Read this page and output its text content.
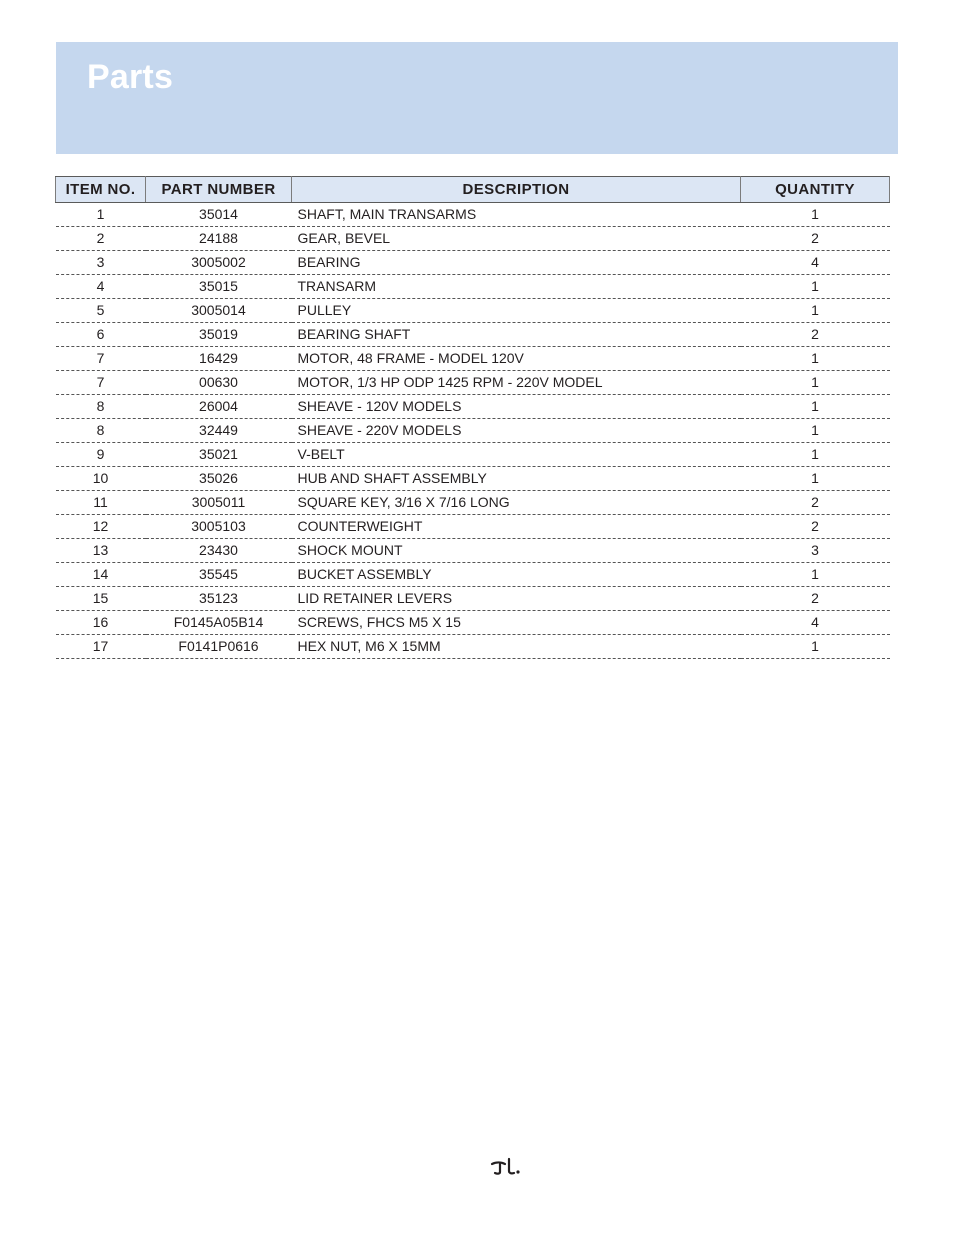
Parts
ITEM NO.	PART NUMBER	DESCRIPTION	QUANTITY
1	35014	SHAFT, MAIN TRANSARMS	1
2	24188	GEAR, BEVEL	2
3	3005002	BEARING	4
4	35015	TRANSARM	1
5	3005014	PULLEY	1
6	35019	BEARING SHAFT	2
7	16429	MOTOR, 48 FRAME - MODEL 120V	1
7	00630	MOTOR, 1/3 HP ODP 1425 RPM - 220V MODEL	1
8	26004	SHEAVE - 120V MODELS	1
8	32449	SHEAVE - 220V MODELS	1
9	35021	V-BELT	1
10	35026	HUB AND SHAFT ASSEMBLY	1
11	3005011	SQUARE KEY, 3/16 X 7/16 LONG	2
12	3005103	COUNTERWEIGHT	2
13	23430	SHOCK MOUNT	3
14	35545	BUCKET ASSEMBLY	1
15	35123	LID RETAINER LEVERS	2
16	F0145A05B14	SCREWS, FHCS M5 X 15	4
17	F0141P0616	HEX NUT, M6 X 15MM	1
